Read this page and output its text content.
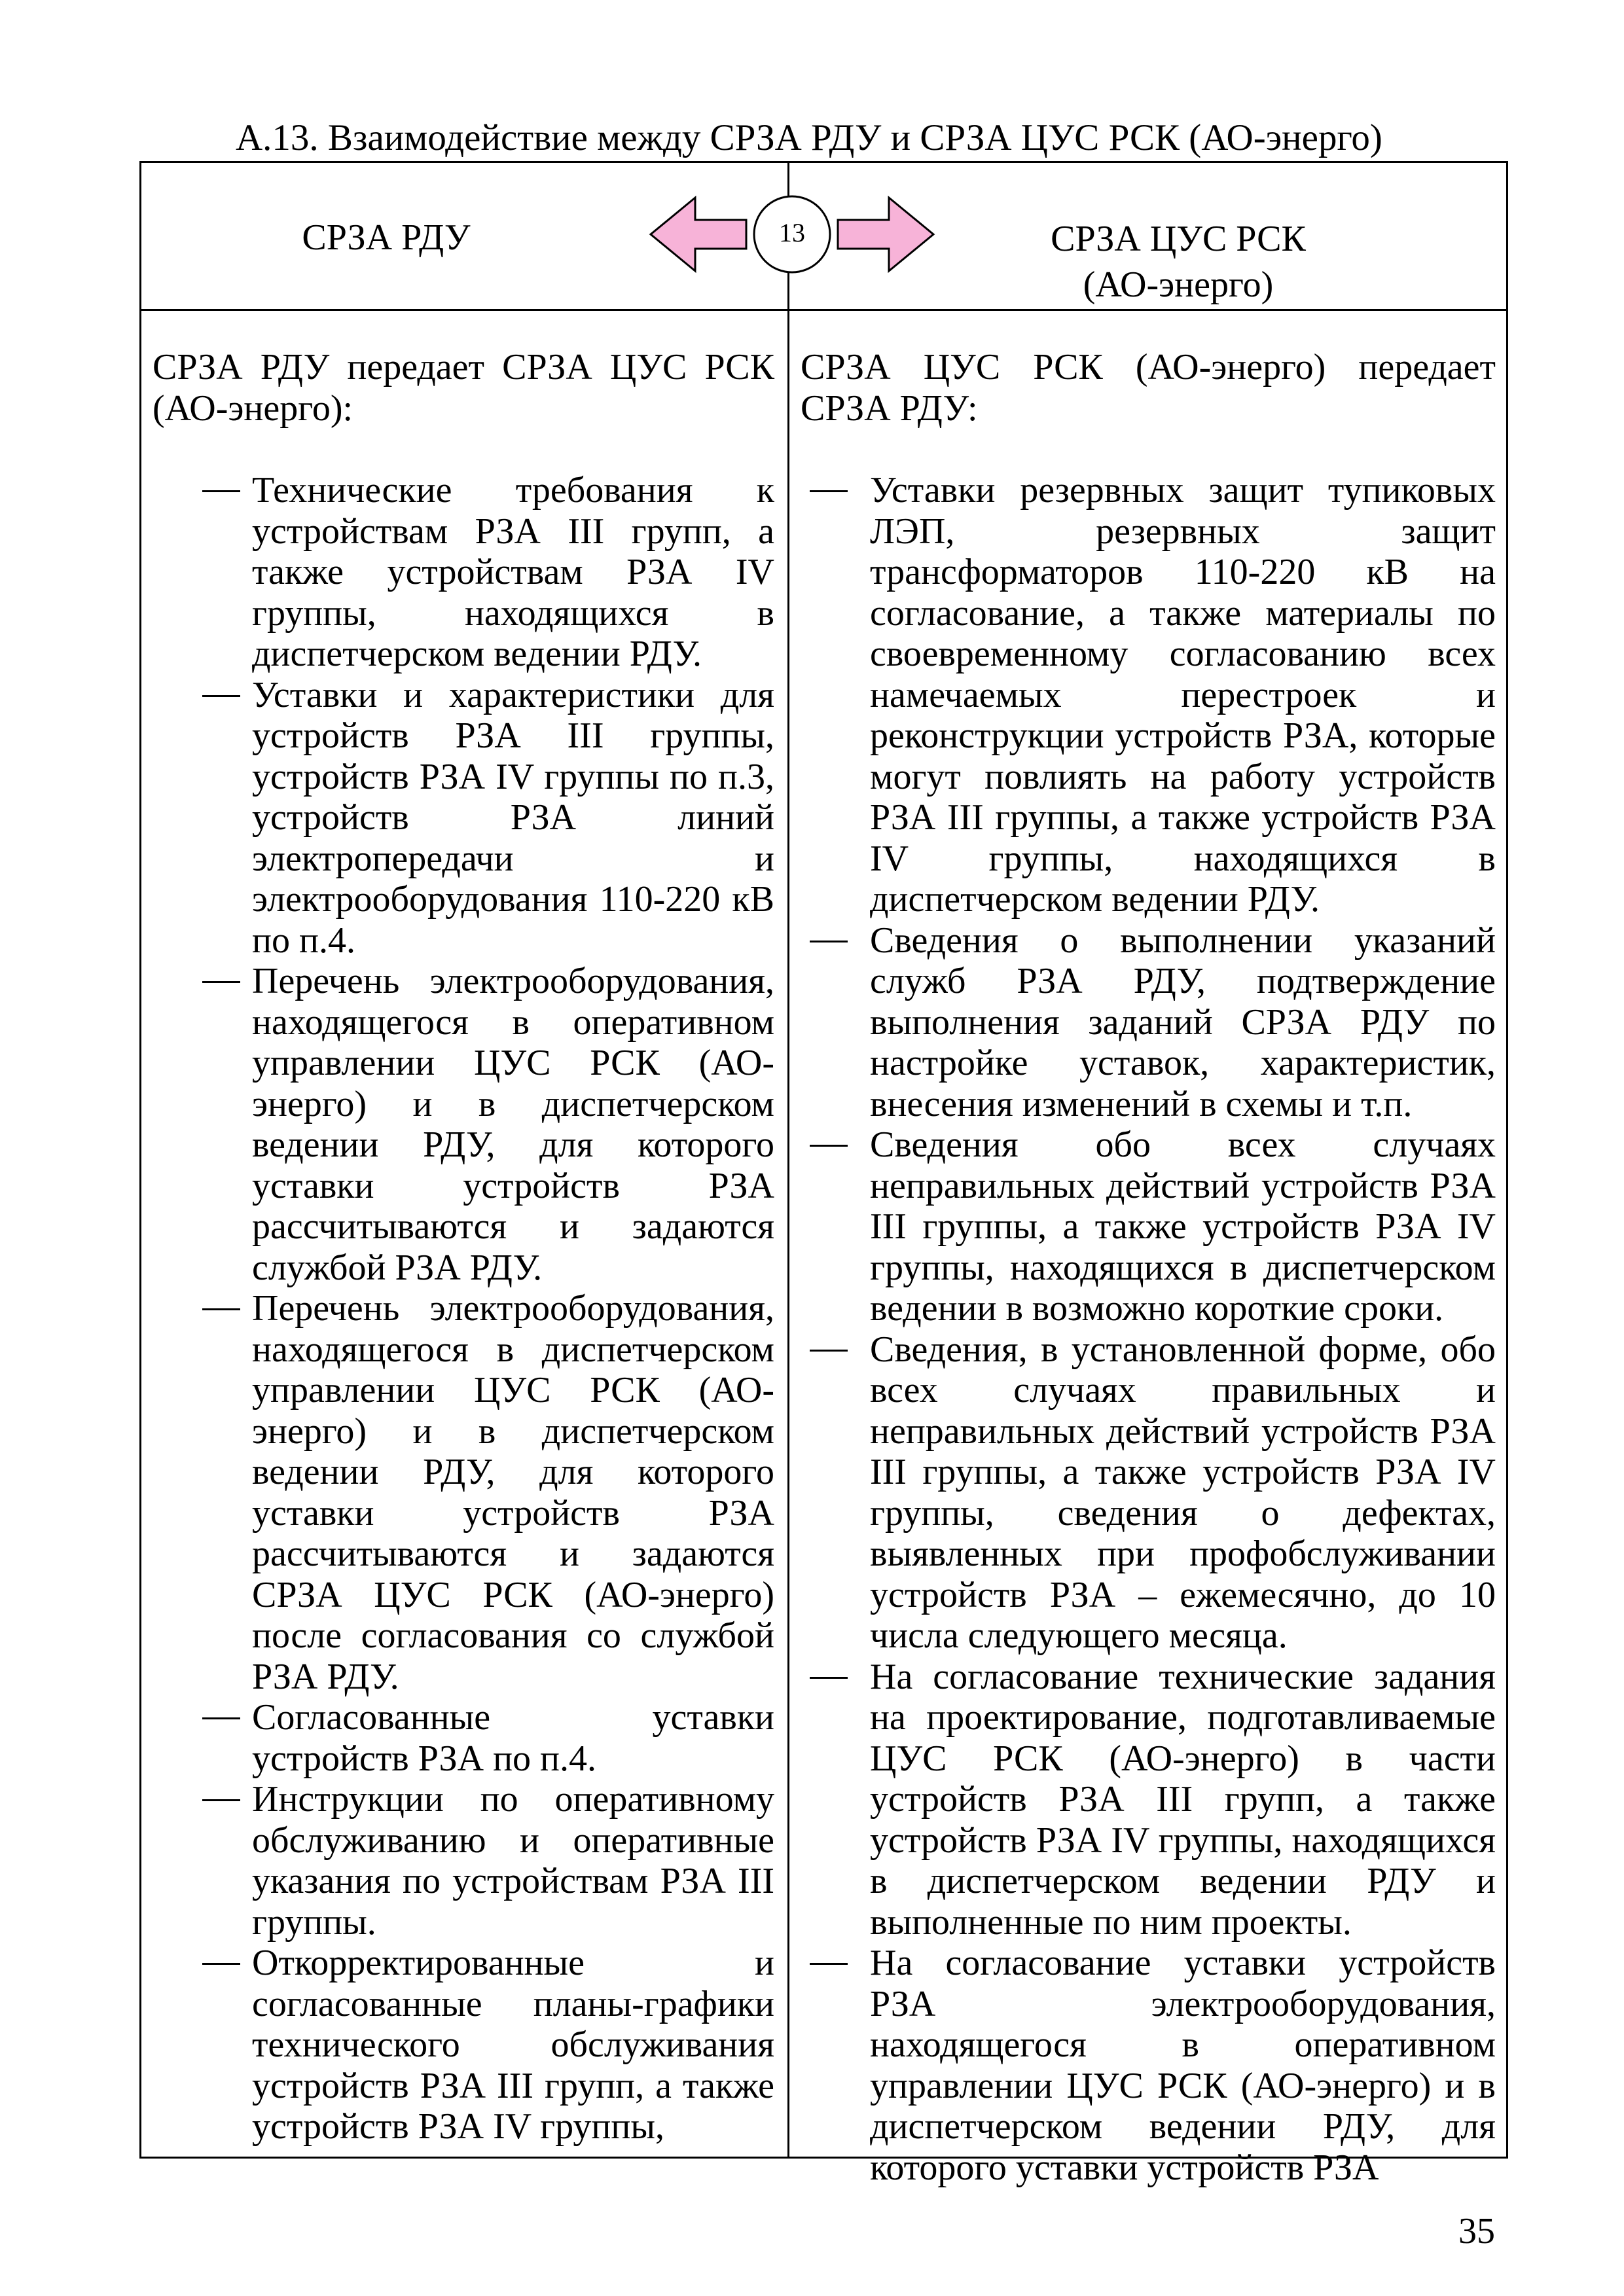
А.13. Взаимодействие между СРЗА РДУ и СРЗА ЦУС РСК (АО-энерго)
СРЗА РДУ	13	СРЗА ЦУС РСК
(АО-энерго)

СРЗА РДУ передает СРЗА ЦУС РСК (АО-энерго):

Технические требования к устройствам РЗА III групп, а также устройствам РЗА IV группы, находящихся в диспетчерском ведении РДУ.
Уставки и характеристики для устройств РЗА III группы, устройств РЗА IV группы по п.3, устройств РЗА линий электропередачи и электрооборудования 110-220 кВ по п.4.
Перечень электрооборудования, находящегося в оперативном управлении ЦУС РСК (АО-энерго) и в диспетчерском ведении РДУ, для которого уставки устройств РЗА рассчитываются и задаются службой РЗА РДУ.
Перечень электрооборудования, находящегося в диспетчерском управлении ЦУС РСК (АО-энерго) и в диспетчерском ведении РДУ, для которого уставки устройств РЗА рассчитываются и задаются СРЗА ЦУС РСК (АО-энерго) после согласования со службой РЗА РДУ.
Согласованные уставки устройств РЗА по п.4.
Инструкции по оперативному обслуживанию и оперативные указания по устройствам РЗА III группы.
Откорректированные и согласованные планы-графики технического обслуживания устройств РЗА III групп, а также устройств РЗА IV группы,

СРЗА ЦУС РСК (АО-энерго) передает СРЗА РДУ:

Уставки резервных защит тупиковых ЛЭП, резервных защит трансформаторов 110-220 кВ на согласование, а также материалы по своевременному согласованию всех намечаемых перестроек и реконструкции устройств РЗА, которые могут повлиять на работу устройств РЗА III группы, а также устройств РЗА IV группы, находящихся в диспетчерском ведении РДУ.
Сведения о выполнении указаний служб РЗА РДУ, подтверждение выполнения заданий СРЗА РДУ по настройке уставок, характеристик, внесения изменений в схемы и т.п.
Сведения обо всех случаях неправильных действий устройств РЗА III группы, а также устройств РЗА IV группы, находящихся в диспетчерском ведении в возможно короткие сроки.
Сведения, в установленной форме, обо всех случаях правильных и неправильных действий устройств РЗА III группы, а также устройств РЗА IV группы, сведения о дефектах, выявленных при профобслуживании устройств РЗА – ежемесячно, до 10 числа следующего месяца.
На согласование технические задания на проектирование, подготавливаемые ЦУС РСК (АО-энерго) в части устройств РЗА III групп, а также устройств РЗА IV группы, находящихся в диспетчерском ведении РДУ и выполненные по ним проекты.
На согласование уставки устройств РЗА электрооборудования, находящегося в оперативном управлении ЦУС РСК (АО-энерго) и в диспетчерском ведении РДУ, для которого уставки устройств РЗА
35
